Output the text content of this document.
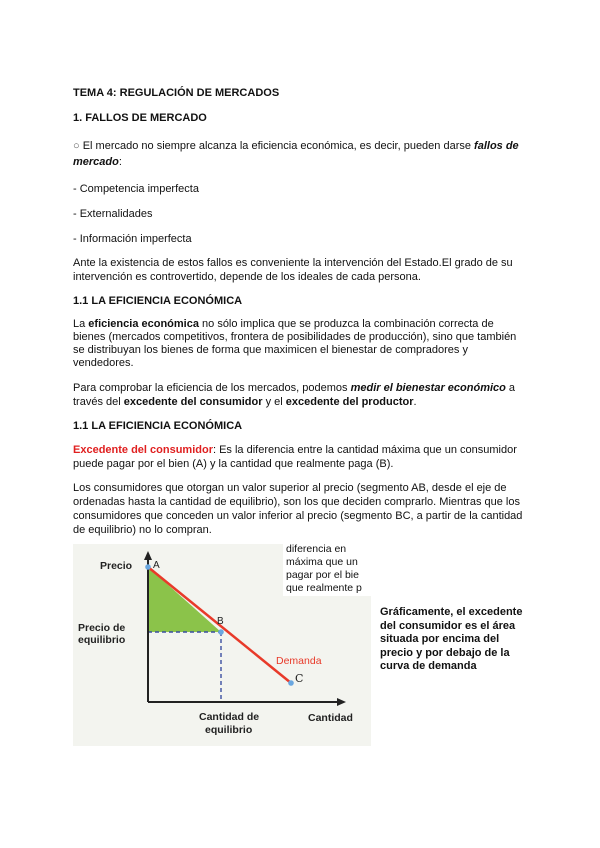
TEMA 4: REGULACIÓN DE MERCADOS

1. FALLOS DE MERCADO

○ El mercado no siempre alcanza la eficiencia económica, es decir, pueden darse fallos de mercado:

- Competencia imperfecta

- Externalidades

- Información imperfecta

Ante la existencia de estos fallos es conveniente la intervención del Estado.El grado de su intervención es controvertido, depende de los ideales de cada persona.

1.1 LA EFICIENCIA ECONÓMICA

La eficiencia económica no sólo implica que se produzca la combinación correcta de bienes (mercados competitivos, frontera de posibilidades de producción), sino que también se distribuyan los bienes de forma que maximicen el bienestar de compradores y vendedores.

Para comprobar la eficiencia de los mercados, podemos medir el bienestar económico a través del excedente del consumidor y el excedente del productor.

1.1 LA EFICIENCIA ECONÓMICA

Excedente del consumidor: Es la diferencia entre la cantidad máxima que un consumidor puede pagar por el bien (A) y la cantidad que realmente paga (B).

Los consumidores que otorgan un valor superior al precio (segmento AB, desde el eje de ordenadas hasta la cantidad de equilibrio), son los que deciden comprarlo. Mientras que los consumidores que conceden un valor inferior al precio (segmento BC, a partir de la cantidad de equilibrio) no lo compran.

Precio A
B
C
Precio de
equilibrio
Demanda
Cantidad
Cantidad de
equilibrio
diferencia en
máxima que un
pagar por el bie
que realmente p

Gráficamente, el excedente del consumidor es el área situada por encima del precio y por debajo de la curva de demanda
